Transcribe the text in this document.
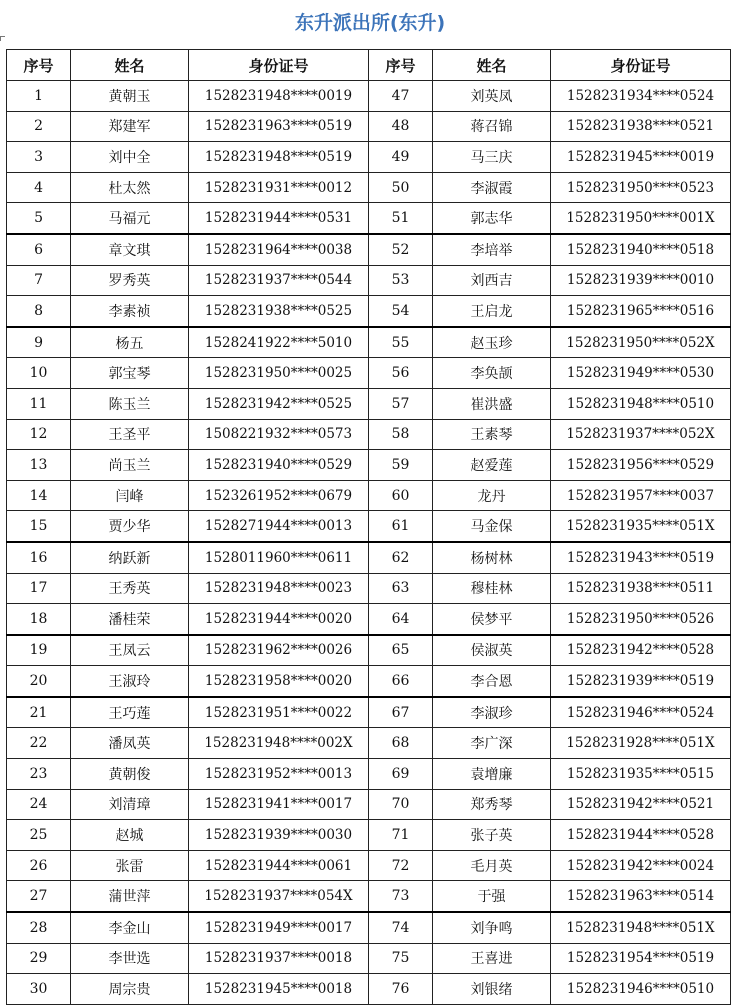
东升派出所(东升)
序号	姓名	身份证号	序号	姓名	身份证号
1	黄朝玉	1528231948****0019	47	刘英凤	1528231934****0524
2	郑建军	1528231963****0519	48	蒋召锦	1528231938****0521
3	刘中全	1528231948****0519	49	马三庆	1528231945****0019
4	杜太然	1528231931****0012	50	李淑霞	1528231950****0523
5	马福元	1528231944****0531	51	郭志华	1528231950****001X
6	章文琪	1528231964****0038	52	李培举	1528231940****0518
7	罗秀英	1528231937****0544	53	刘西吉	1528231939****0010
8	李素祯	1528231938****0525	54	王启龙	1528231965****0516
9	杨五	1528241922****5010	55	赵玉珍	1528231950****052X
10	郭宝琴	1528231950****0025	56	李奂颉	1528231949****0530
11	陈玉兰	1528231942****0525	57	崔洪盛	1528231948****0510
12	王圣平	1508221932****0573	58	王素琴	1528231937****052X
13	尚玉兰	1528231940****0529	59	赵爱莲	1528231956****0529
14	闫峰	1523261952****0679	60	龙丹	1528231957****0037
15	贾少华	1528271944****0013	61	马金保	1528231935****051X
16	纳跃新	1528011960****0611	62	杨树林	1528231943****0519
17	王秀英	1528231948****0023	63	穆桂林	1528231938****0511
18	潘桂荣	1528231944****0020	64	侯梦平	1528231950****0526
19	王凤云	1528231962****0026	65	侯淑英	1528231942****0528
20	王淑玲	1528231958****0020	66	李合恩	1528231939****0519
21	王巧莲	1528231951****0022	67	李淑珍	1528231946****0524
22	潘凤英	1528231948****002X	68	李广深	1528231928****051X
23	黄朝俊	1528231952****0013	69	袁增廉	1528231935****0515
24	刘清璋	1528231941****0017	70	郑秀琴	1528231942****0521
25	赵城	1528231939****0030	71	张子英	1528231944****0528
26	张雷	1528231944****0061	72	毛月英	1528231942****0024
27	蒲世萍	1528231937****054X	73	于强	1528231963****0514
28	李金山	1528231949****0017	74	刘争鸣	1528231948****051X
29	李世选	1528231937****0018	75	王喜进	1528231954****0519
30	周宗贵	1528231945****0018	76	刘银绪	1528231946****0510
